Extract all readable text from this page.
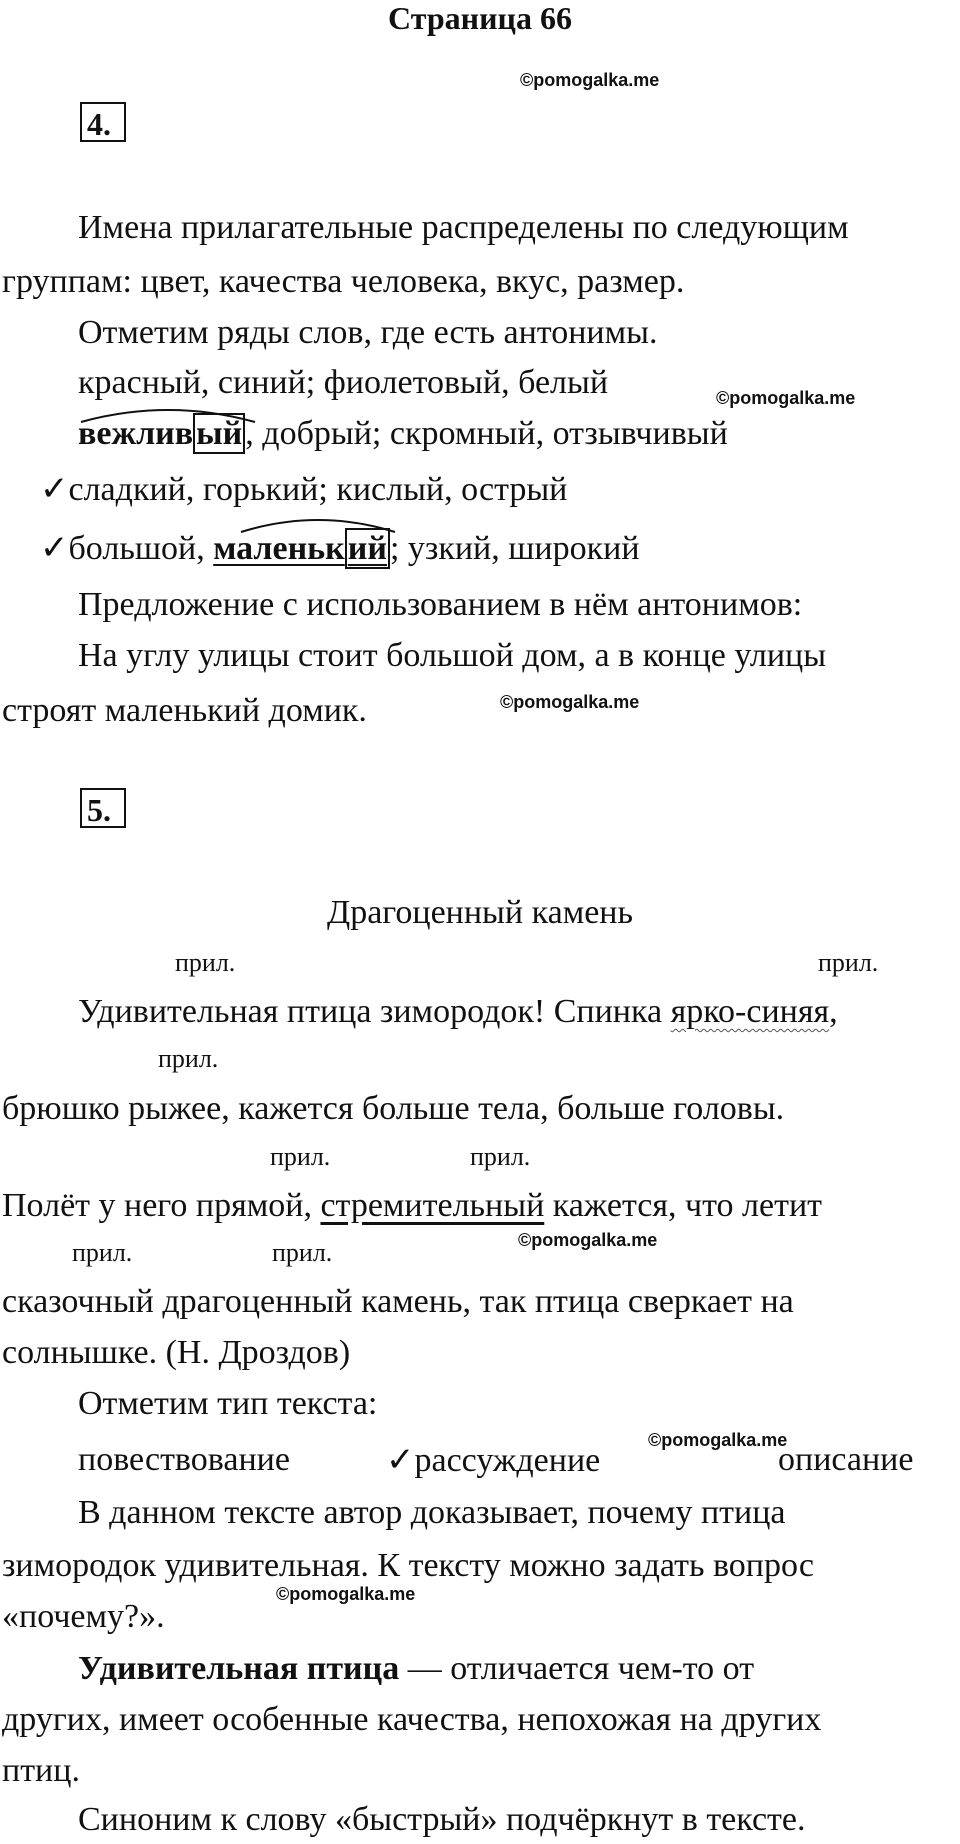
Страница 66
©pomogalka.me
4.
Имена прилагательные распределены по следующим
группам: цвет, качества человека, вкус, размер.
Отметим ряды слов, где есть антонимы.
красный, синий; фиолетовый, белый	©pomogalka.me
вежливый, добрый; скромный, отзывчивый
✓сладкий, горький; кислый, острый
✓большой, маленький; узкий, широкий
Предложение с использованием в нём антонимов:
На углу улицы стоит большой дом, а в конце улицы
строят маленький домик.	©pomogalka.me
5.
Драгоценный камень
прил.	прил.
Удивительная птица зимородок! Спинка ярко-синяя,
прил.
брюшко рыжее, кажется больше тела, больше головы.
прил.	прил.
Полёт у него прямой, стремительный кажется, что летит
прил.	прил.	©pomogalka.me
сказочный драгоценный камень, так птица сверкает на
солнышке. (Н. Дроздов)
Отметим тип текста:
©pomogalka.me
повествование	✓рассуждение	описание
В данном тексте автор доказывает, почему птица
зимородок удивительная. К тексту можно задать вопрос
©pomogalka.me
«почему?».
Удивительная птица — отличается чем-то от
других, имеет особенные качества, непохожая на других
птиц.
Синоним к слову «быстрый» подчёркнут в тексте.
